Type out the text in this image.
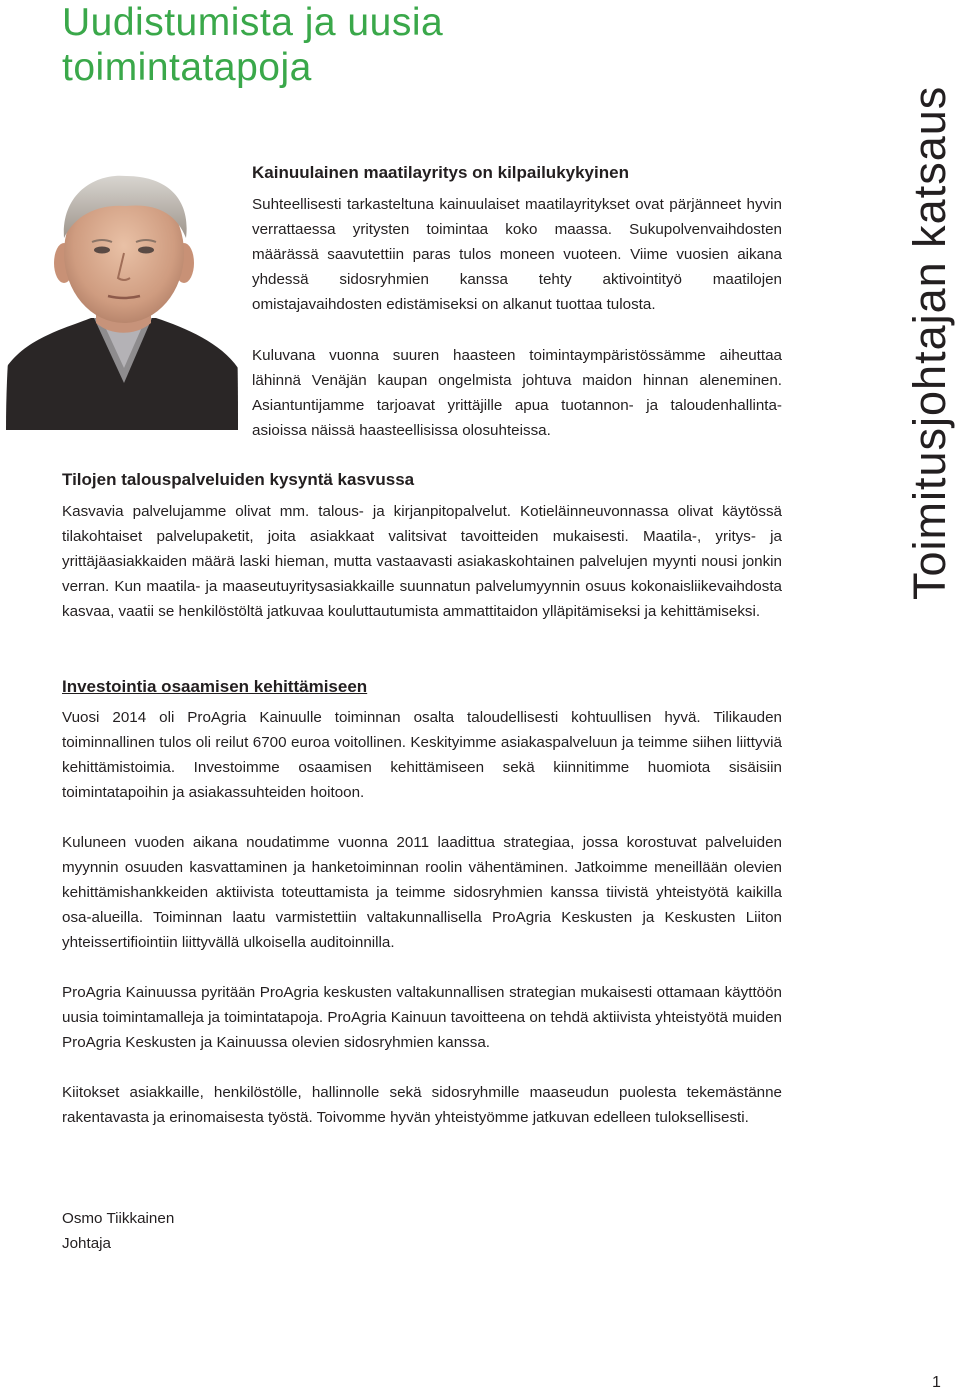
Uudistumista ja uusia
toimintatapoja
Toimitusjohtajan katsaus
Kainuulainen maatilayritys on kilpailukykyinen

Suhteellisesti tarkasteltuna kainuulaiset maatilayritykset ovat pärjänneet hyvin verrattaessa yritysten toimintaa koko maassa. Sukupolvenvaihdosten määrässä saavutettiin paras tulos moneen vuoteen. Viime vuosien aikana yhdessä sidosryhmien kanssa tehty aktivointityö maatilojen omistajavaihdosten edistämiseksi on alkanut tuottaa tulosta.

Kuluvana vuonna suuren haasteen toimintaympäristössämme aiheuttaa lähinnä Venäjän kaupan ongelmista johtuva maidon hinnan aleneminen. Asiantuntijamme tarjoavat yrittäjille apua tuotannon- ja taloudenhallinta-asioissa näissä haasteellisissa olosuhteissa.

Tilojen talouspalveluiden kysyntä kasvussa

Kasvavia palvelujamme olivat mm. talous- ja kirjanpitopalvelut. Kotieläinneuvonnassa olivat käytössä tilakohtaiset palvelupaketit, joita asiakkaat valitsivat tavoitteiden mukaisesti. Maatila-, yritys- ja yrittäjäasiakkaiden määrä laski hieman, mutta vastaavasti asiakaskohtainen palvelujen myynti nousi jonkin verran. Kun maatila- ja maaseutuyritysasiakkaille suunnatun palvelumyynnin osuus kokonaisliikevaihdosta kasvaa, vaatii se henkilöstöltä jatkuvaa kouluttautumista ammattitaidon ylläpitämiseksi ja kehittämiseksi.

Investointia osaamisen kehittämiseen

Vuosi 2014 oli ProAgria Kainuulle toiminnan osalta taloudellisesti kohtuullisen hyvä. Tilikauden toiminnallinen tulos oli reilut 6700 euroa voitollinen. Keskityimme asiakaspalveluun ja teimme siihen liittyviä kehittämistoimia. Investoimme osaamisen kehittämiseen sekä kiinnitimme huomiota sisäisiin toimintatapoihin ja asiakassuhteiden hoitoon.

Kuluneen vuoden aikana noudatimme vuonna 2011 laadittua strategiaa, jossa korostuvat palveluiden myynnin osuuden kasvattaminen ja hanketoiminnan roolin vähentäminen. Jatkoimme meneillään olevien kehittämishankkeiden aktiivista toteuttamista ja teimme sidosryhmien kanssa tiivistä yhteistyötä kaikilla osa-alueilla. Toiminnan laatu varmistettiin valtakunnallisella ProAgria Keskusten ja Keskusten Liiton yhteissertifiointiin liittyvällä ulkoisella auditoinnilla.

ProAgria Kainuussa pyritään ProAgria keskusten valtakunnallisen strategian mukaisesti ottamaan käyttöön uusia toimintamalleja ja toimintatapoja. ProAgria Kainuun tavoitteena on tehdä aktiivista yhteistyötä muiden ProAgria Keskusten ja Kainuussa olevien sidosryhmien kanssa.

Kiitokset asiakkaille, henkilöstölle, hallinnolle sekä sidosryhmille maaseudun puolesta tekemästänne rakentavasta ja erinomaisesta työstä. Toivomme hyvän yhteistyömme jatkuvan edelleen tuloksellisesti.

Osmo Tiikkainen

Johtaja

1
